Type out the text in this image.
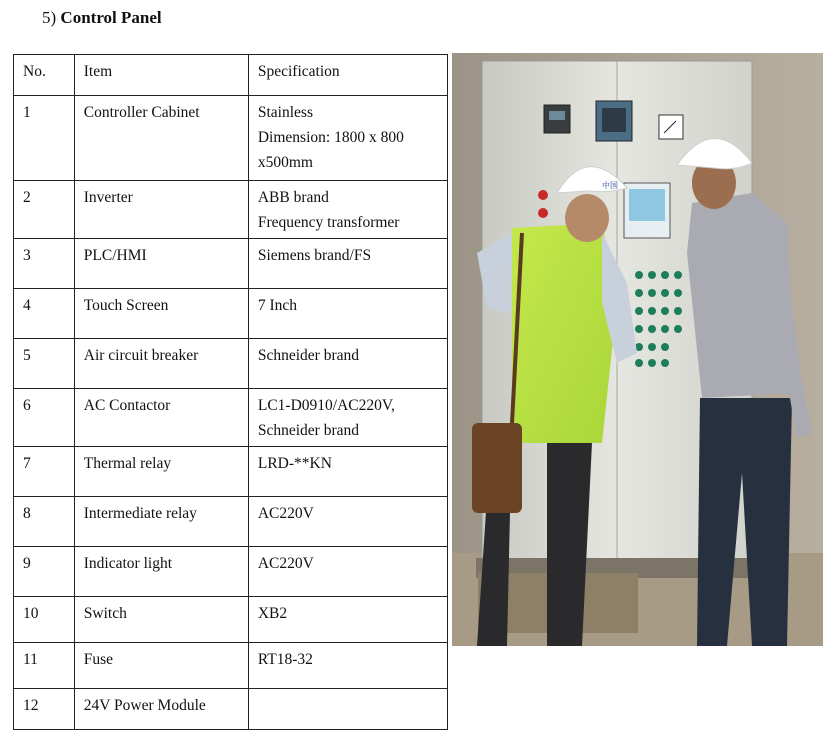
5) Control Panel
No.	Item	Specification
1	Controller Cabinet	Stainless
Dimension: 1800 x 800
x500mm

2	Inverter	ABB brand
Frequency transformer

3	PLC/HMI	Siemens brand/FS

4	Touch Screen	7 Inch

5	Air circuit breaker	Schneider brand

6	AC Contactor	LC1-D0910/AC220V,
Schneider brand

7	Thermal relay	LRD-**KN

8	Intermediate relay	AC220V

9	Indicator light	AC220V

10	Switch	XB2

11	Fuse	RT18-32

12	24V Power Module	
中国
